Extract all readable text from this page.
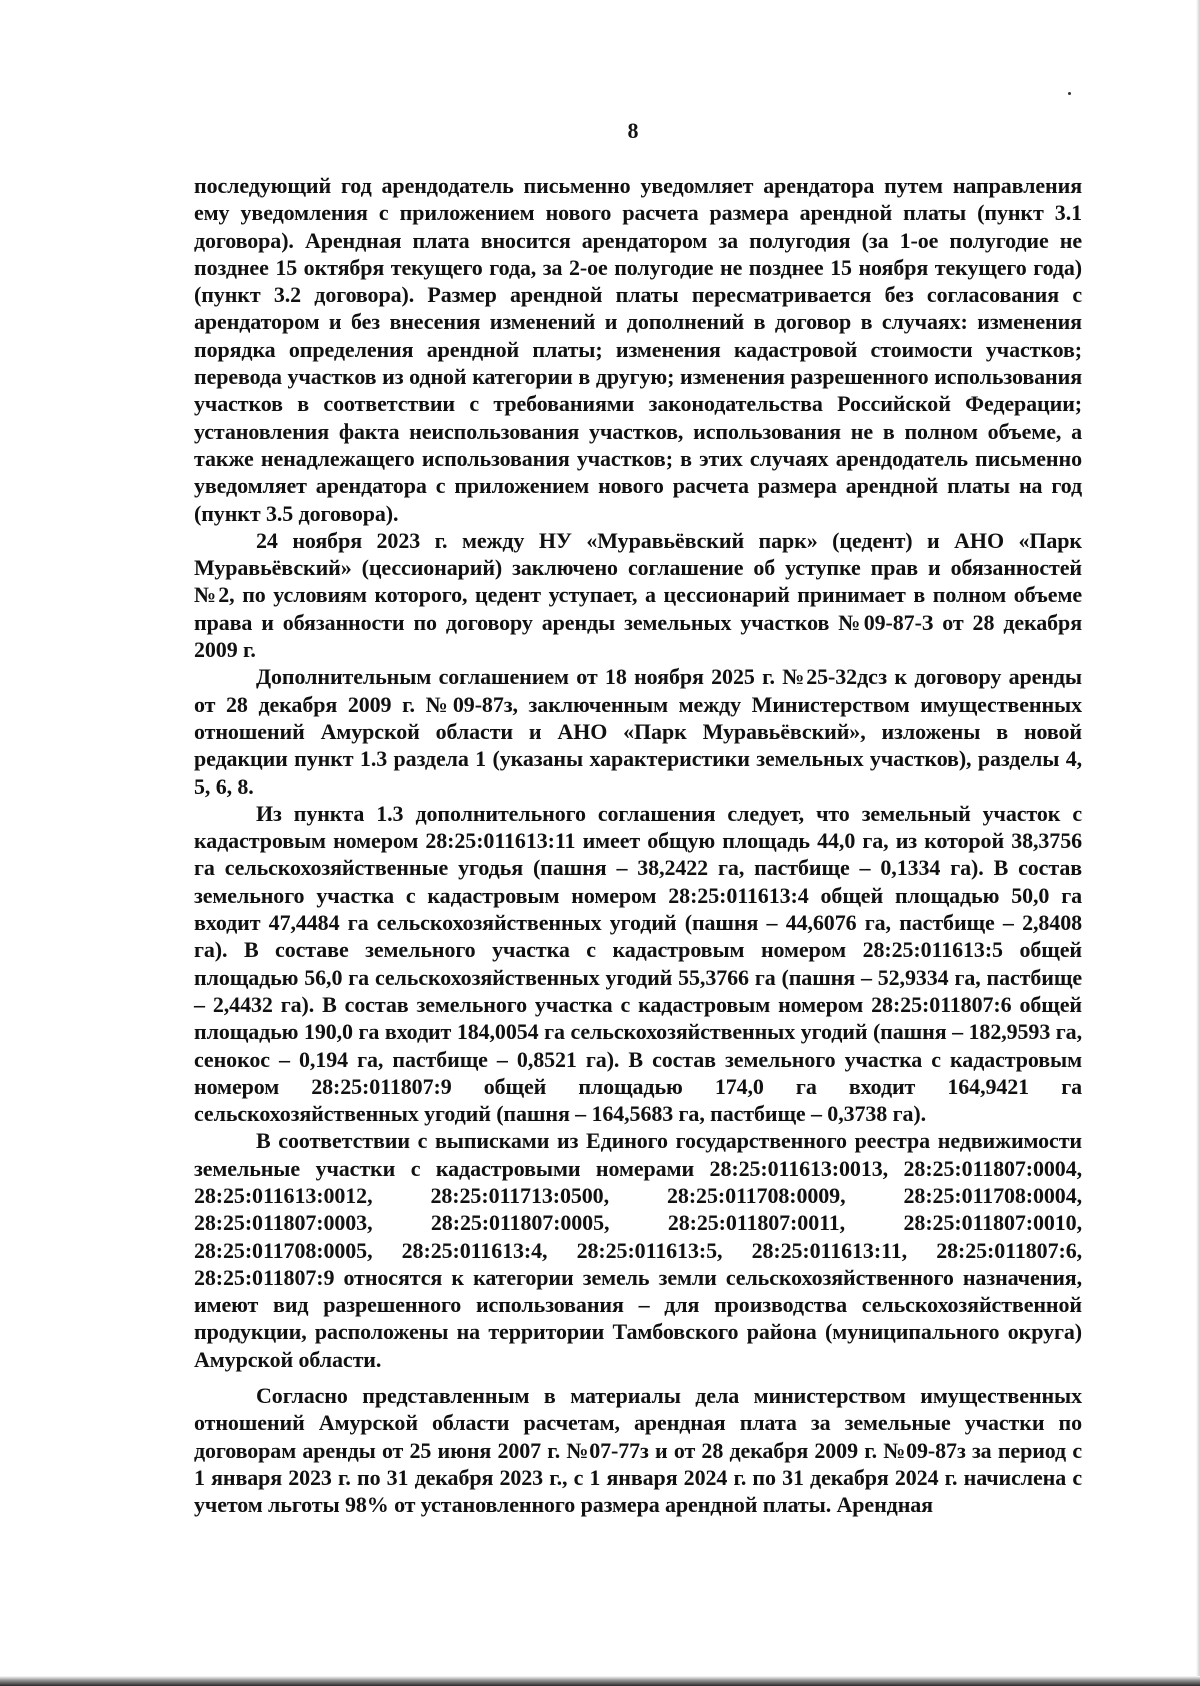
8

последующий год арендодатель письменно уведомляет арендатора путем направления ему уведомления с приложением нового расчета размера арендной платы (пункт 3.1 договора). Арендная плата вносится арендатором за полугодия (за 1-ое полугодие не позднее 15 октября текущего года, за 2-ое полугодие не позднее 15 ноября текущего года) (пункт 3.2 договора). Размер арендной платы пересматривается без согласования с арендатором и без внесения изменений и дополнений в договор в случаях: изменения порядка определения арендной платы; изменения кадастровой стоимости участков; перевода участков из одной категории в другую; изменения разрешенного использования участков в соответствии с требованиями законодательства Российской Федерации; установления факта неиспользования участков, использования не в полном объеме, а также ненадлежащего использования участков; в этих случаях арендодатель письменно уведомляет арендатора с приложением нового расчета размера арендной платы на год (пункт 3.5 договора).

24 ноября 2023 г. между НУ «Муравьёвский парк» (цедент) и АНО «Парк Муравьёвский» (цессионарий) заключено соглашение об уступке прав и обязанностей №2, по условиям которого, цедент уступает, а цессионарий принимает в полном объеме права и обязанности по договору аренды земельных участков №09-87-З от 28 декабря 2009 г.

Дополнительным соглашением от 18 ноября 2025 г. №25-32дсз к договору аренды от 28 декабря 2009 г. №09-87з, заключенным между Министерством имущественных отношений Амурской области и АНО «Парк Муравьёвский», изложены в новой редакции пункт 1.3 раздела 1 (указаны характеристики земельных участков), разделы 4, 5, 6, 8.

Из пункта 1.3 дополнительного соглашения следует, что земельный участок с кадастровым номером 28:25:011613:11 имеет общую площадь 44,0 га, из которой 38,3756 га сельскохозяйственные угодья (пашня – 38,2422 га, пастбище – 0,1334 га). В состав земельного участка с кадастровым номером 28:25:011613:4 общей площадью 50,0 га входит 47,4484 га сельскохозяйственных угодий (пашня – 44,6076 га, пастбище – 2,8408 га). В составе земельного участка с кадастровым номером 28:25:011613:5 общей площадью 56,0 га сельскохозяйственных угодий 55,3766 га (пашня – 52,9334 га, пастбище – 2,4432 га). В состав земельного участка с кадастровым номером 28:25:011807:6 общей площадью 190,0 га входит 184,0054 га сельскохозяйственных угодий (пашня – 182,9593 га, сенокос – 0,194 га, пастбище – 0,8521 га). В состав земельного участка с кадастровым номером 28:25:011807:9 общей площадью 174,0 га входит 164,9421 га сельскохозяйственных угодий (пашня – 164,5683 га, пастбище – 0,3738 га).

В соответствии с выписками из Единого государственного реестра недвижимости земельные участки с кадастровыми номерами 28:25:011613:0013, 28:25:011807:0004, 28:25:011613:0012, 28:25:011713:0500, 28:25:011708:0009, 28:25:011708:0004, 28:25:011807:0003, 28:25:011807:0005, 28:25:011807:0011, 28:25:011807:0010, 28:25:011708:0005, 28:25:011613:4, 28:25:011613:5, 28:25:011613:11, 28:25:011807:6, 28:25:011807:9 относятся к категории земель земли сельскохозяйственного назначения, имеют вид разрешенного использования – для производства сельскохозяйственной продукции, расположены на территории Тамбовского района (муниципального округа) Амурской области.

Согласно представленным в материалы дела министерством имущественных отношений Амурской области расчетам, арендная плата за земельные участки по договорам аренды от 25 июня 2007 г. №07-77з и от 28 декабря 2009 г. №09-87з за период с 1 января 2023 г. по 31 декабря 2023 г., с 1 января 2024 г. по 31 декабря 2024 г. начислена с учетом льготы 98% от установленного размера арендной платы. Арендная
